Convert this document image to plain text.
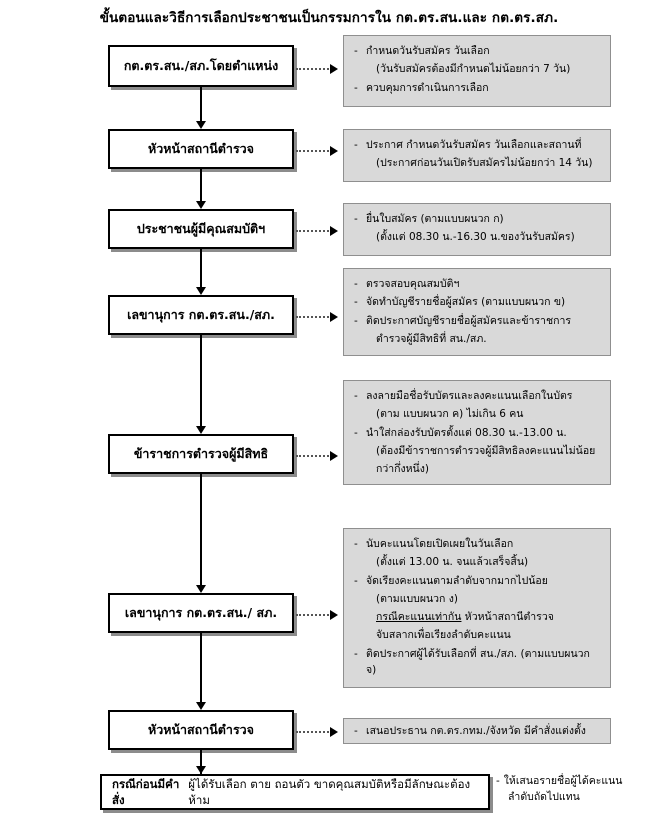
ขั้นตอนและวิธีการเลือกประชาชนเป็นกรรมการใน กต.ตร.สน.และ กต.ตร.สภ.
กต.ตร.สน./สภ.โดยตำแหน่ง
หัวหน้าสถานีตำรวจ
ประชาชนผู้มีคุณสมบัติฯ
เลขานุการ กต.ตร.สน./สภ.
ข้าราชการตำรวจผู้มีสิทธิ
เลขานุการ กต.ตร.สน./ สภ.
หัวหน้าสถานีตำรวจ
- กำหนดวันรับสมัคร วันเลือก
(วันรับสมัครต้องมีกำหนดไม่น้อยกว่า 7 วัน)
- ควบคุมการดำเนินการเลือก
- ประกาศ กำหนดวันรับสมัคร วันเลือกและสถานที่
(ประกาศก่อนวันเปิดรับสมัครไม่น้อยกว่า 14 วัน)
- ยื่นใบสมัคร (ตามแบบผนวก ก)
(ตั้งแต่ 08.30 น.-16.30 น.ของวันรับสมัคร)
- ตรวจสอบคุณสมบัติฯ
- จัดทำบัญชีรายชื่อผู้สมัคร (ตามแบบผนวก ข)
- ติดประกาศบัญชีรายชื่อผู้สมัครและข้าราชการ
ตำรวจผู้มีสิทธิที่ สน./สภ.
- ลงลายมือชื่อรับบัตรและลงคะแนนเลือกในบัตร
(ตาม แบบผนวก ค) ไม่เกิน 6 คน
- นำใส่กล่องรับบัตรตั้งแต่ 08.30 น.-13.00 น.
(ต้องมีข้าราชการตำรวจผู้มีสิทธิลงคะแนนไม่น้อย
กว่ากึ่งหนึ่ง)
- นับคะแนนโดยเปิดเผยในวันเลือก
(ตั้งแต่ 13.00 น. จนแล้วเสร็จสิ้น)
- จัดเรียงคะแนนตามลำดับจากมากไปน้อย
(ตามแบบผนวก ง)
กรณีคะแนนเท่ากัน หัวหน้าสถานีตำรวจ
จับสลากเพื่อเรียงลำดับคะแนน
- ติดประกาศผู้ได้รับเลือกที่ สน./สภ. (ตามแบบผนวก จ)
- เสนอประธาน กต.ตร.กทม./จังหวัด มีคำสั่งแต่งตั้ง
กรณีก่อนมีคำสั่ง
ผู้ได้รับเลือก ตาย ถอนตัว ขาดคุณสมบัติหรือมีลักษณะต้องห้าม
- ให้เสนอรายชื่อผู้ได้คะแนน
ลำดับถัดไปแทน
